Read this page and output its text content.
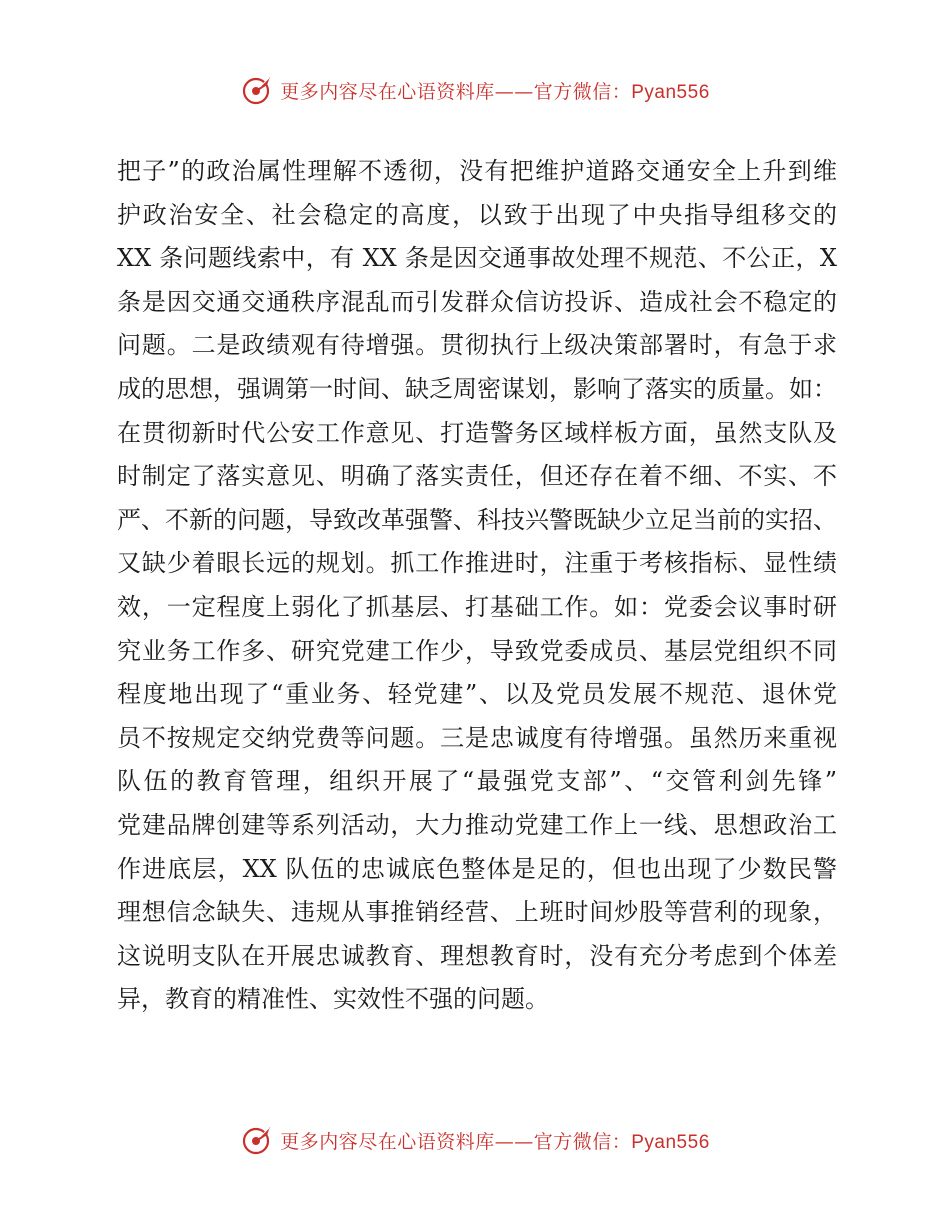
更多内容尽在心语资料库——官方微信：Pyan556
把子”的政治属性理解不透彻，没有把维护道路交通安全上升到维
护政治安全、社会稳定的高度，以致于出现了中央指导组移交的
XX 条问题线索中，有 XX 条是因交通事故处理不规范、不公正，X
条是因交通交通秩序混乱而引发群众信访投诉、造成社会不稳定的
问题。二是政绩观有待增强。贯彻执行上级决策部署时，有急于求
成的思想，强调第一时间、缺乏周密谋划，影响了落实的质量。如：
在贯彻新时代公安工作意见、打造警务区域样板方面，虽然支队及
时制定了落实意见、明确了落实责任，但还存在着不细、不实、不
严、不新的问题，导致改革强警、科技兴警既缺少立足当前的实招、
又缺少着眼长远的规划。抓工作推进时，注重于考核指标、显性绩
效，一定程度上弱化了抓基层、打基础工作。如：党委会议事时研
究业务工作多、研究党建工作少，导致党委成员、基层党组织不同
程度地出现了“重业务、轻党建”、以及党员发展不规范、退休党
员不按规定交纳党费等问题。三是忠诚度有待增强。虽然历来重视
队伍的教育管理，组织开展了“最强党支部”、“交管利剑先锋”
党建品牌创建等系列活动，大力推动党建工作上一线、思想政治工
作进底层，XX 队伍的忠诚底色整体是足的，但也出现了少数民警
理想信念缺失、违规从事推销经营、上班时间炒股等营利的现象，
这说明支队在开展忠诚教育、理想教育时，没有充分考虑到个体差
异，教育的精准性、实效性不强的问题。
更多内容尽在心语资料库——官方微信：Pyan556
